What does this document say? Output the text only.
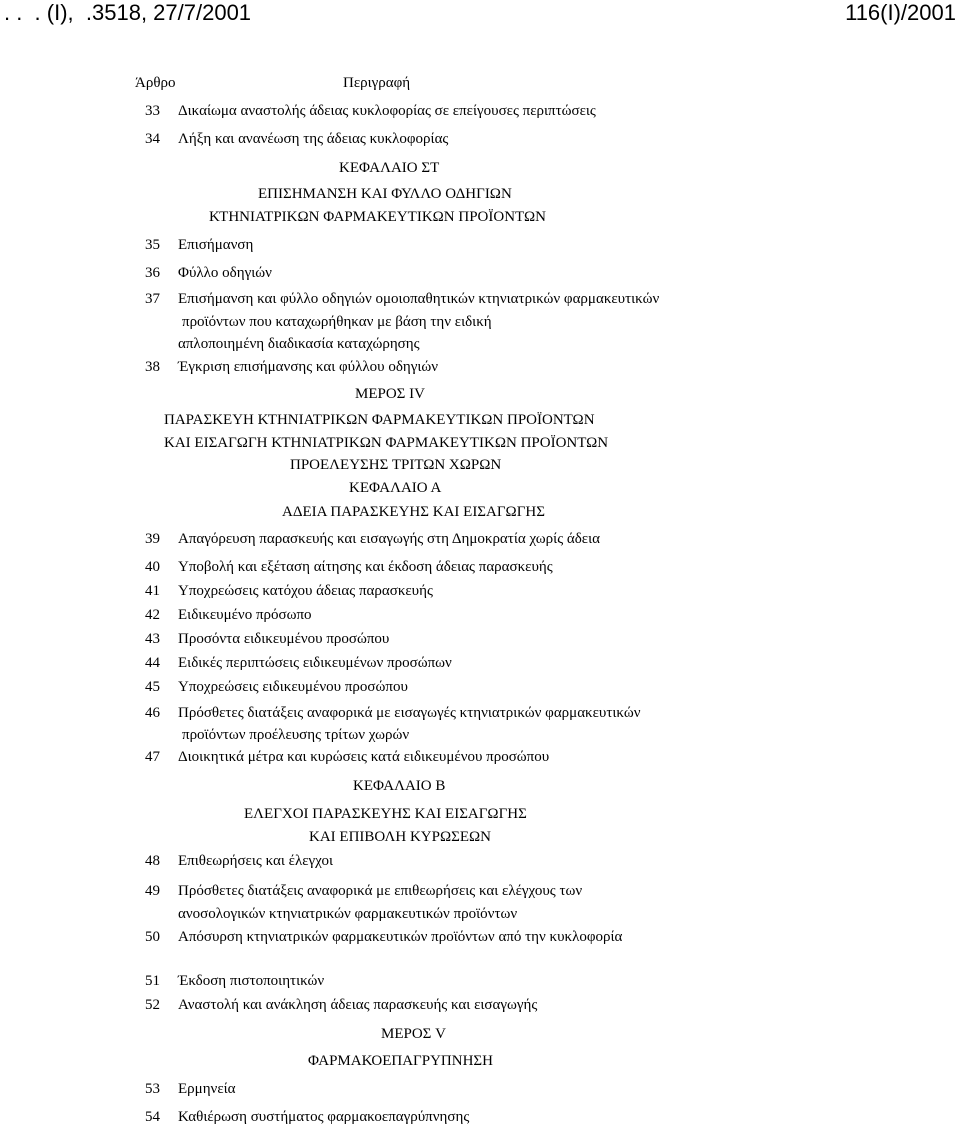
. .  . (I),  .3518, 27/7/2001	116(I)/2001
Άρθρο	Περιγραφή
33 Δικαίωμα αναστολής άδειας κυκλοφορίας σε επείγουσες περιπτώσεις
34 Λήξη και ανανέωση της άδειας κυκλοφορίας
ΚΕΦΑΛΑΙΟ ΣΤ
ΕΠΙΣΗΜΑΝΣΗ ΚΑΙ ΦΥΛΛΟ ΟΔΗΓΙΩΝ
ΚΤΗΝΙΑΤΡΙΚΩΝ ΦΑΡΜΑΚΕΥΤΙΚΩΝ ΠΡΟΪΟΝΤΩΝ
35 Επισήμανση
36 Φύλλο οδηγιών
37 Επισήμανση και φύλλο οδηγιών ομοιοπαθητικών κτηνιατρικών φαρμακευτικών
προϊόντων που καταχωρήθηκαν με βάση την ειδική
απλοποιημένη διαδικασία καταχώρησης
38 Έγκριση επισήμανσης και φύλλου οδηγιών
ΜΕΡΟΣ IV
ΠΑΡΑΣΚΕΥΗ ΚΤΗΝΙΑΤΡΙΚΩΝ ΦΑΡΜΑΚΕΥΤΙΚΩΝ ΠΡΟΪΟΝΤΩΝ
ΚΑΙ ΕΙΣΑΓΩΓΗ ΚΤΗΝΙΑΤΡΙΚΩΝ ΦΑΡΜΑΚΕΥΤΙΚΩΝ ΠΡΟΪΟΝΤΩΝ
ΠΡΟΕΛΕΥΣΗΣ ΤΡΙΤΩΝ ΧΩΡΩΝ
ΚΕΦΑΛΑΙΟ Α
ΑΔΕΙΑ ΠΑΡΑΣΚΕΥΗΣ ΚΑΙ ΕΙΣΑΓΩΓΗΣ
39 Απαγόρευση παρασκευής και εισαγωγής στη Δημοκρατία χωρίς άδεια
40 Υποβολή και εξέταση αίτησης και έκδοση άδειας παρασκευής
41 Υποχρεώσεις κατόχου άδειας παρασκευής
42 Ειδικευμένο πρόσωπο
43 Προσόντα ειδικευμένου προσώπου
44 Ειδικές περιπτώσεις ειδικευμένων προσώπων
45 Υποχρεώσεις ειδικευμένου προσώπου
46 Πρόσθετες διατάξεις αναφορικά με εισαγωγές κτηνιατρικών φαρμακευτικών
προϊόντων προέλευσης τρίτων χωρών
47 Διοικητικά μέτρα και κυρώσεις κατά ειδικευμένου προσώπου
ΚΕΦΑΛΑΙΟ Β
ΕΛΕΓΧΟΙ ΠΑΡΑΣΚΕΥΗΣ ΚΑΙ ΕΙΣΑΓΩΓΗΣ
ΚΑΙ ΕΠΙΒΟΛΗ ΚΥΡΩΣΕΩΝ
48 Επιθεωρήσεις και έλεγχοι
49 Πρόσθετες διατάξεις αναφορικά με επιθεωρήσεις και ελέγχους των
ανοσολογικών κτηνιατρικών φαρμακευτικών προϊόντων
50 Απόσυρση κτηνιατρικών φαρμακευτικών προϊόντων από την κυκλοφορία
51 Έκδοση πιστοποιητικών
52 Αναστολή και ανάκληση άδειας παρασκευής και εισαγωγής
ΜΕΡΟΣ V
ΦΑΡΜΑΚΟΕΠΑΓΡΥΠΝΗΣΗ
53 Ερμηνεία
54 Καθιέρωση συστήματος φαρμακοεπαγρύπνησης
